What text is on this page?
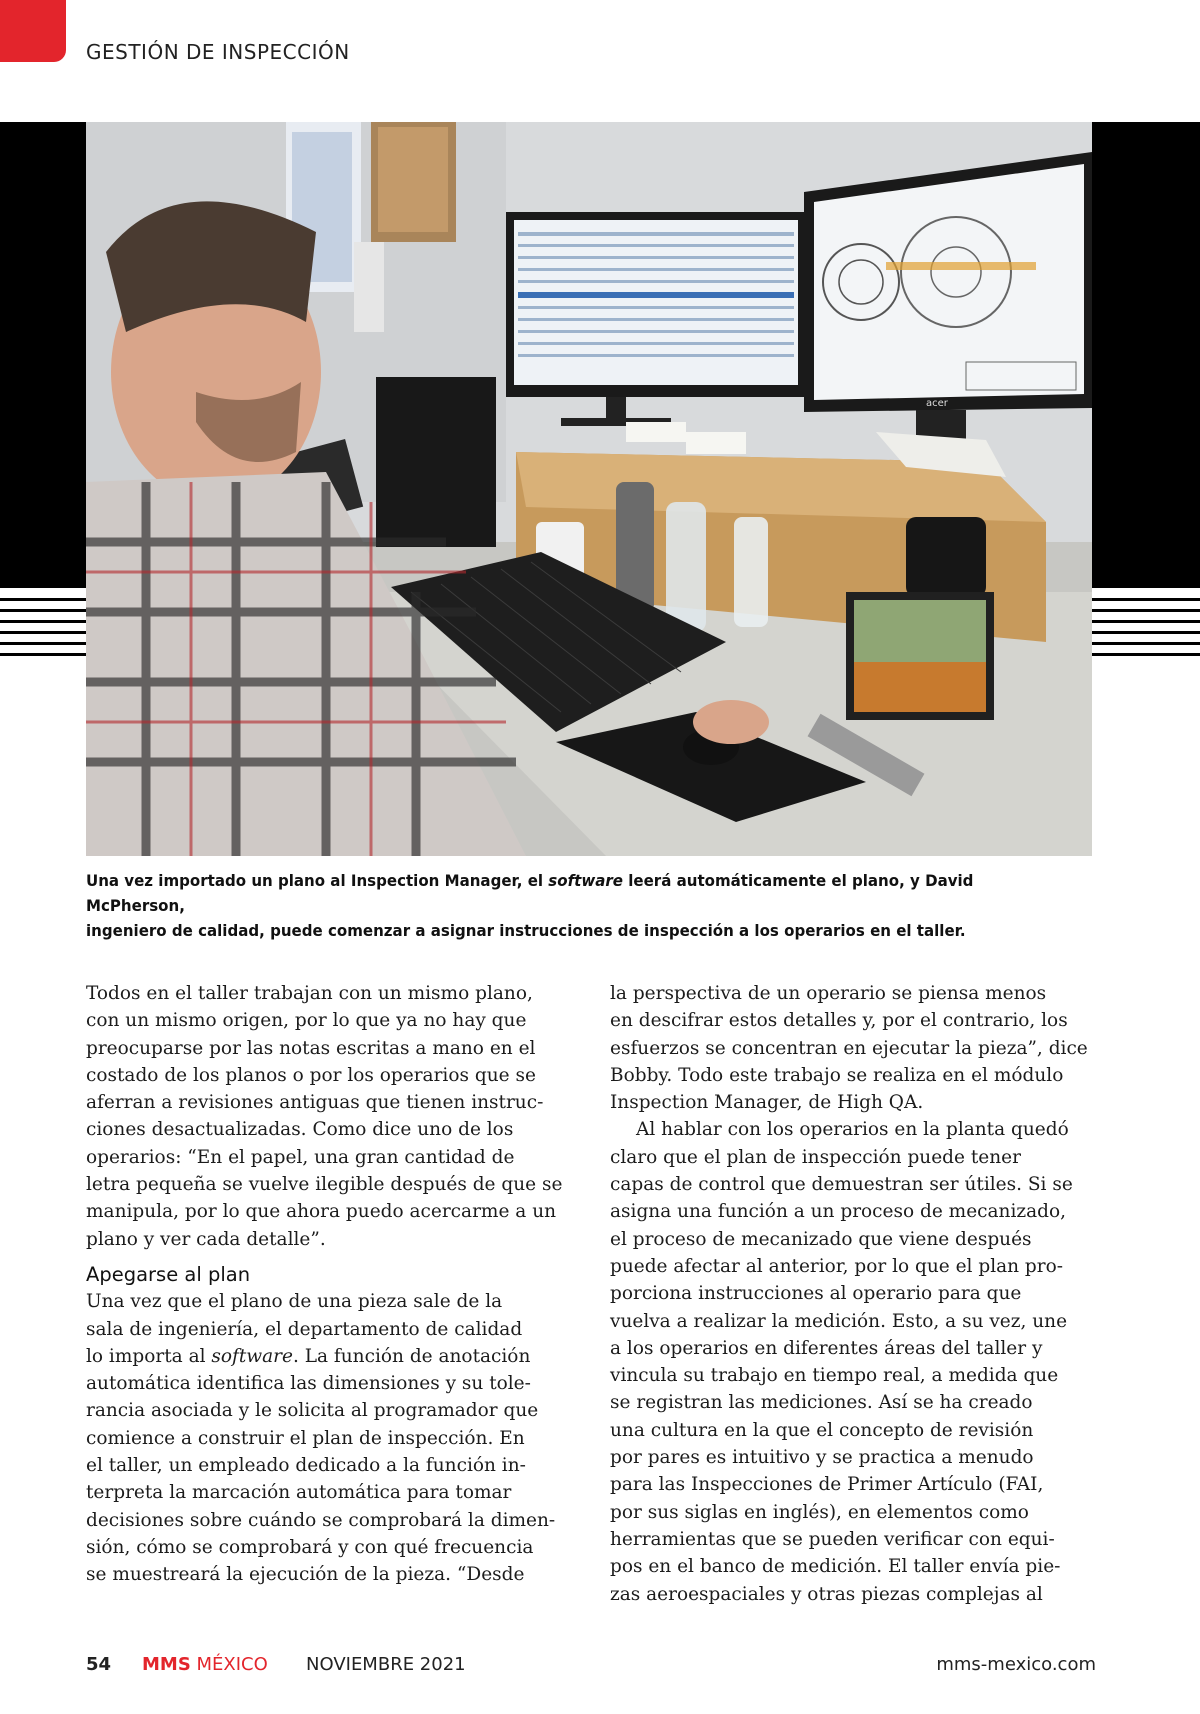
GESTIÓN DE INSPECCIÓN
acer
Una vez importado un plano al Inspection Manager, el software leerá automáticamente el plano, y David McPherson,
ingeniero de calidad, puede comenzar a asignar instrucciones de inspección a los operarios en el taller.
Todos en el taller trabajan con un mismo plano,
con un mismo origen, por lo que ya no hay que
preocuparse por las notas escritas a mano en el
costado de los planos o por los operarios que se
aferran a revisiones antiguas que tienen instruc-
ciones desactualizadas. Como dice uno de los
operarios: “En el papel, una gran cantidad de
letra pequeña se vuelve ilegible después de que se
manipula, por lo que ahora puedo acercarme a un
plano y ver cada detalle”.
Apegarse al plan
Una vez que el plano de una pieza sale de la
sala de ingeniería, el departamento de calidad
lo importa al software. La función de anotación
automática identifica las dimensiones y su tole-
rancia asociada y le solicita al programador que
comience a construir el plan de inspección. En
el taller, un empleado dedicado a la función in-
terpreta la marcación automática para tomar
decisiones sobre cuándo se comprobará la dimen-
sión, cómo se comprobará y con qué frecuencia
se muestreará la ejecución de la pieza. “Desde
la perspectiva de un operario se piensa menos
en descifrar estos detalles y, por el contrario, los
esfuerzos se concentran en ejecutar la pieza”, dice
Bobby. Todo este trabajo se realiza en el módulo
Inspection Manager, de High QA.
Al hablar con los operarios en la planta quedó
claro que el plan de inspección puede tener
capas de control que demuestran ser útiles. Si se
asigna una función a un proceso de mecanizado,
el proceso de mecanizado que viene después
puede afectar al anterior, por lo que el plan pro-
porciona instrucciones al operario para que
vuelva a realizar la medición. Esto, a su vez, une
a los operarios en diferentes áreas del taller y
vincula su trabajo en tiempo real, a medida que
se registran las mediciones. Así se ha creado
una cultura en la que el concepto de revisión
por pares es intuitivo y se practica a menudo
para las Inspecciones de Primer Artículo (FAI,
por sus siglas en inglés), en elementos como
herramientas que se pueden verificar con equi-
pos en el banco de medición. El taller envía pie-
zas aeroespaciales y otras piezas complejas al
54 MMS MÉXICO NOVIEMBRE 2021	mms-mexico.com
